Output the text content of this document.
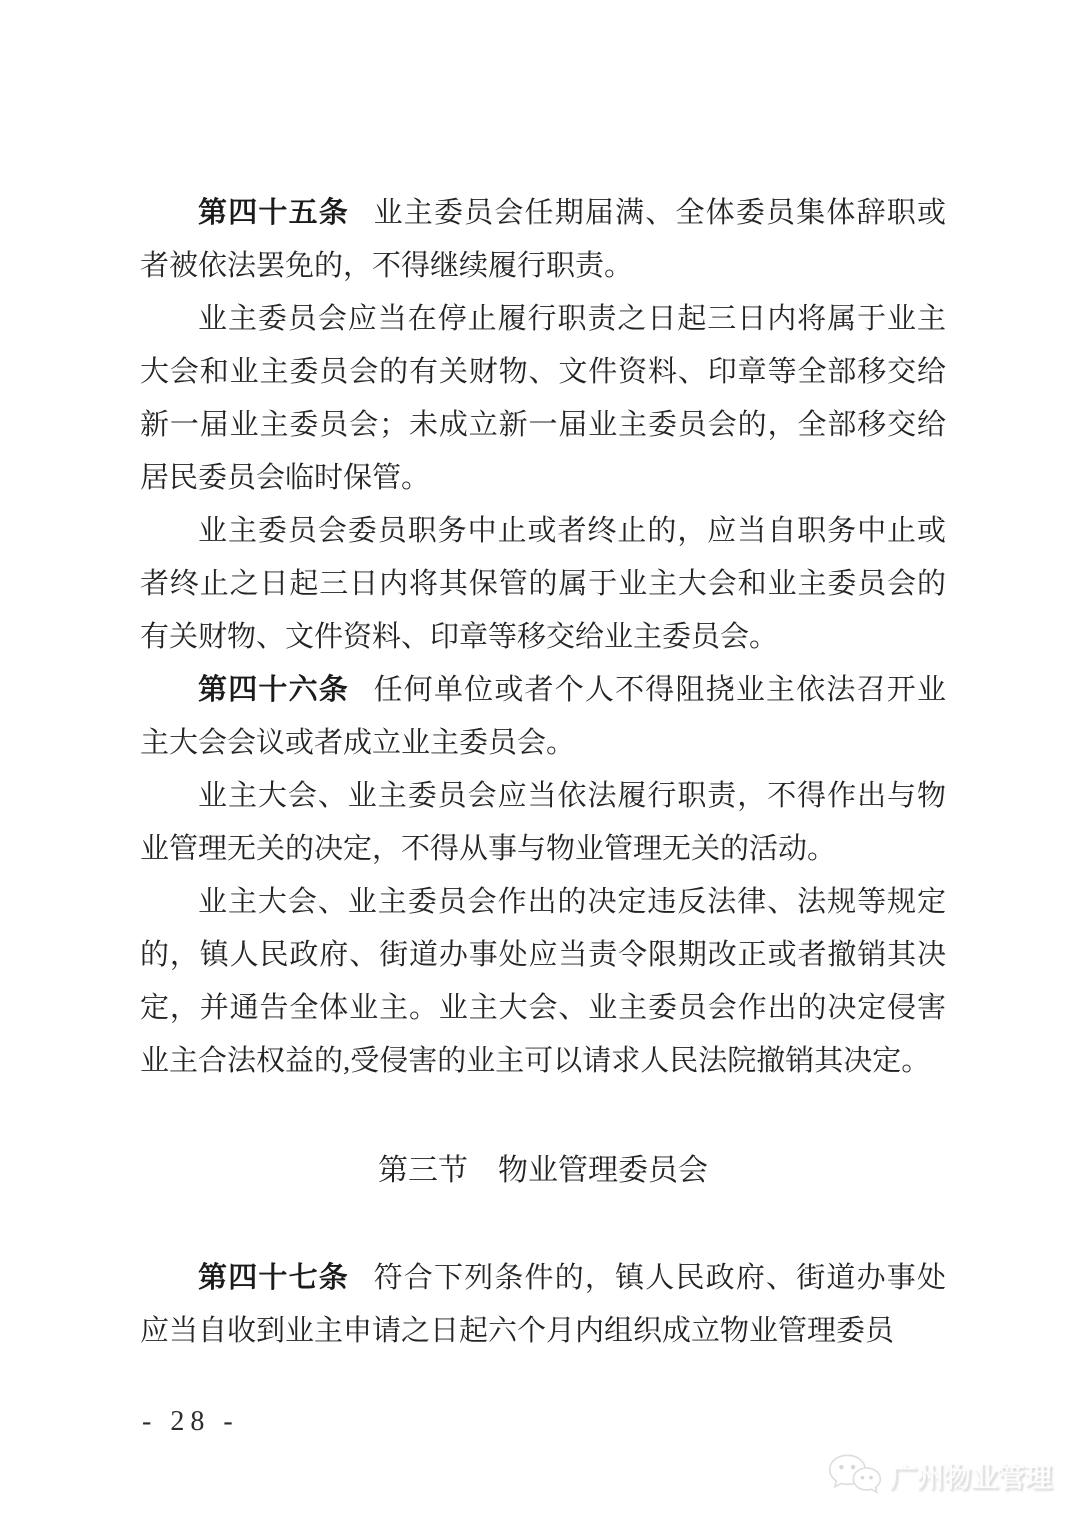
第四十五条 业主委员会任期届满、全体委员集体辞职或者被依法罢免的，不得继续履行职责。

业主委员会应当在停止履行职责之日起三日内将属于业主大会和业主委员会的有关财物、文件资料、印章等全部移交给新一届业主委员会；未成立新一届业主委员会的，全部移交给居民委员会临时保管。

业主委员会委员职务中止或者终止的，应当自职务中止或者终止之日起三日内将其保管的属于业主大会和业主委员会的有关财物、文件资料、印章等移交给业主委员会。

第四十六条 任何单位或者个人不得阻挠业主依法召开业主大会会议或者成立业主委员会。

业主大会、业主委员会应当依法履行职责，不得作出与物业管理无关的决定，不得从事与物业管理无关的活动。

业主大会、业主委员会作出的决定违反法律、法规等规定的，镇人民政府、街道办事处应当责令限期改正或者撤销其决定，并通告全体业主。业主大会、业主委员会作出的决定侵害业主合法权益的,受侵害的业主可以请求人民法院撤销其决定。

第三节　物业管理委员会

第四十七条 符合下列条件的，镇人民政府、街道办事处应当自收到业主申请之日起六个月内组织成立物业管理委员

- 28 -
广州物业管理
